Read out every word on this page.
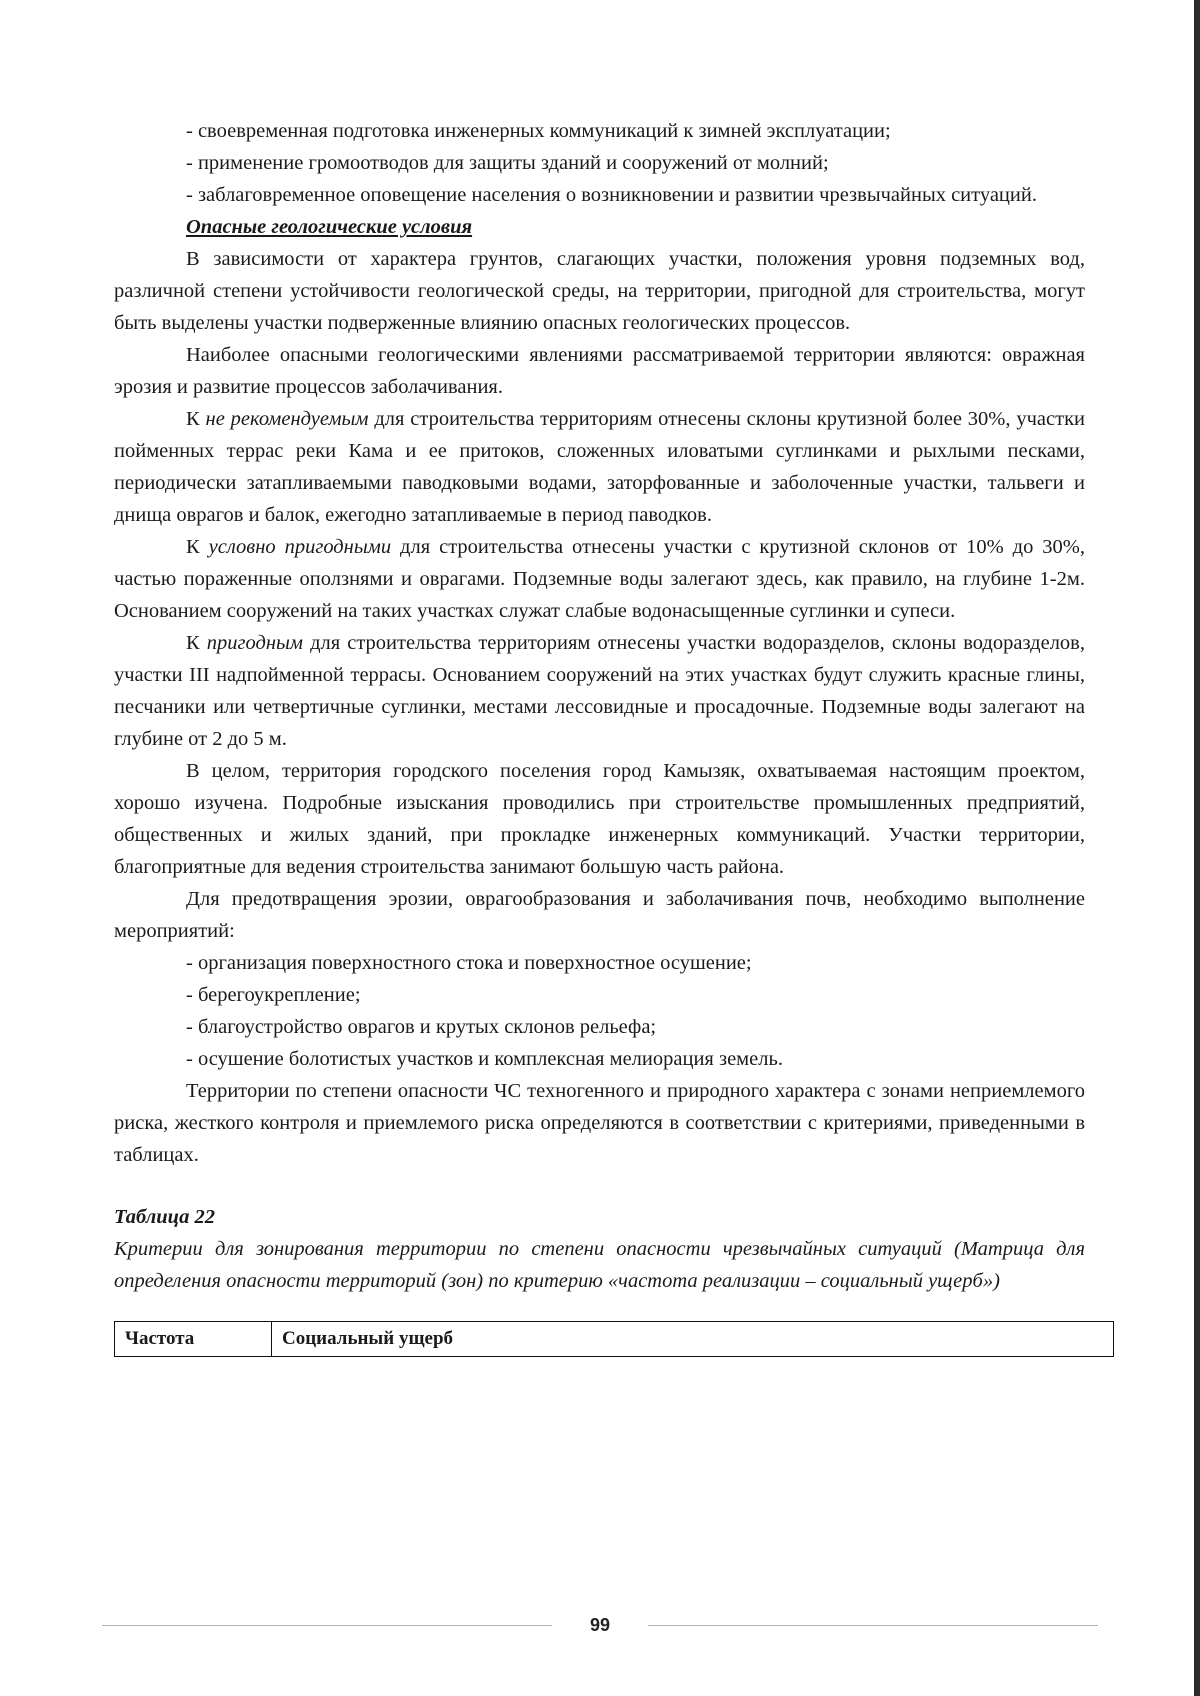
- своевременная подготовка инженерных коммуникаций к зимней эксплуатации;

- применение громоотводов для защиты зданий и сооружений от молний;

- заблаговременное оповещение населения о возникновении и развитии чрезвычайных ситуаций.

Опасные геологические условия

В зависимости от характера грунтов, слагающих участки, положения уровня подземных вод, различной степени устойчивости геологической среды, на территории, пригодной для строительства, могут быть выделены участки подверженные влиянию опасных геологических процессов.

Наиболее опасными геологическими явлениями рассматриваемой территории являются: овражная эрозия и развитие процессов заболачивания.

К не рекомендуемым для строительства территориям отнесены склоны крутизной более 30%, участки пойменных террас реки Кама и ее притоков, сложенных иловатыми суглинками и рыхлыми песками, периодически затапливаемыми паводковыми водами, заторфованные и заболоченные участки, тальвеги и днища оврагов и балок, ежегодно затапливаемые в период паводков.

К условно пригодными для строительства отнесены участки с крутизной склонов от 10% до 30%, частью пораженные оползнями и оврагами. Подземные воды залегают здесь, как правило, на глубине 1-2м. Основанием сооружений на таких участках служат слабые водонасыщенные суглинки и супеси.

К пригодным для строительства территориям отнесены участки водоразделов, склоны водоразделов, участки III надпойменной террасы. Основанием сооружений на этих участках будут служить красные глины, песчаники или четвертичные суглинки, местами лессовидные и просадочные. Подземные воды залегают на глубине от 2 до 5 м.

В целом, территория городского поселения город Камызяк, охватываемая настоящим проектом, хорошо изучена. Подробные изыскания проводились при строительстве промышленных предприятий, общественных и жилых зданий, при прокладке инженерных коммуникаций. Участки территории, благоприятные для ведения строительства занимают большую часть района.

Для предотвращения эрозии, оврагообразования и заболачивания почв, необходимо выполнение мероприятий:

- организация поверхностного стока и поверхностное осушение;

- берегоукрепление;

- благоустройство оврагов и крутых склонов рельефа;

- осушение болотистых участков и комплексная мелиорация земель.

Территории по степени опасности ЧС техногенного и природного характера с зонами неприемлемого риска, жесткого контроля и приемлемого риска определяются в соответствии с критериями, приведенными в таблицах.

Таблица 22

Критерии для зонирования территории по степени опасности чрезвычайных ситуаций (Матрица для определения опасности территорий (зон) по критерию «частота реализации – социальный ущерб»)

Частота	Социальный ущерб
99
